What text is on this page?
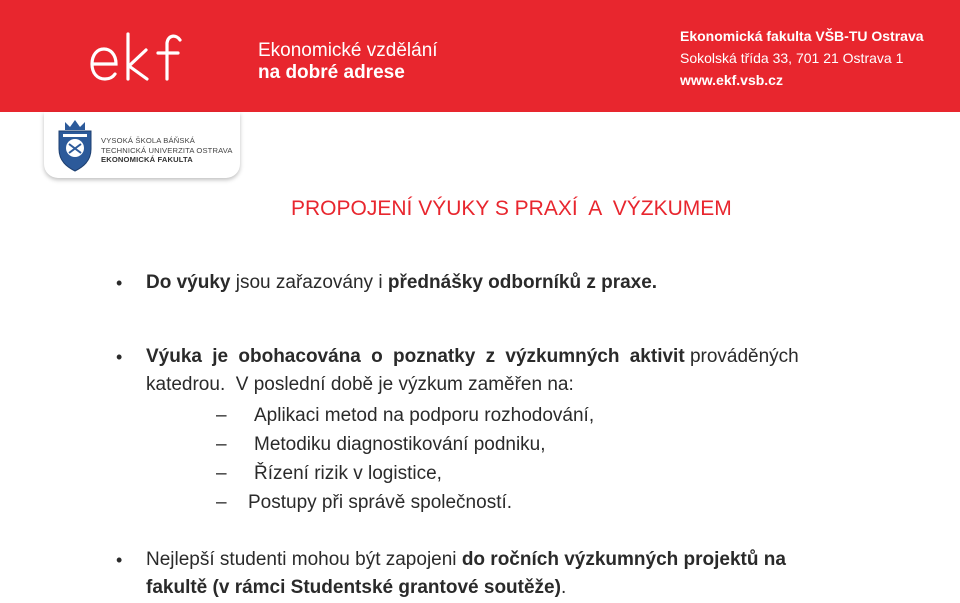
Ekonomické vzdělání
na dobré adrese
Ekonomická fakulta VŠB-TU Ostrava
Sokolská třída 33, 701 21 Ostrava 1
www.ekf.vsb.cz
VYSOKÁ ŠKOLA BÁŇSKÁ
TECHNICKÁ UNIVERZITA OSTRAVA
EKONOMICKÁ FAKULTA
PROPOJENÍ VÝUKY S PRAXÍ  A  VÝZKUMEM
• Do výuky jsou zařazovány i přednášky odborníků z praxe.
• Výuka je obohacována o poznatky z výzkumných aktivit prováděných
katedrou.  V poslední době je výzkum zaměřen na:
– Aplikaci metod na podporu rozhodování,
– Metodiku diagnostikování podniku,
– Řízení rizik v logistice,
– Postupy při správě společností.
• Nejlepší studenti mohou být zapojeni do ročních výzkumných projektů na
fakultě (v rámci Studentské grantové soutěže).
